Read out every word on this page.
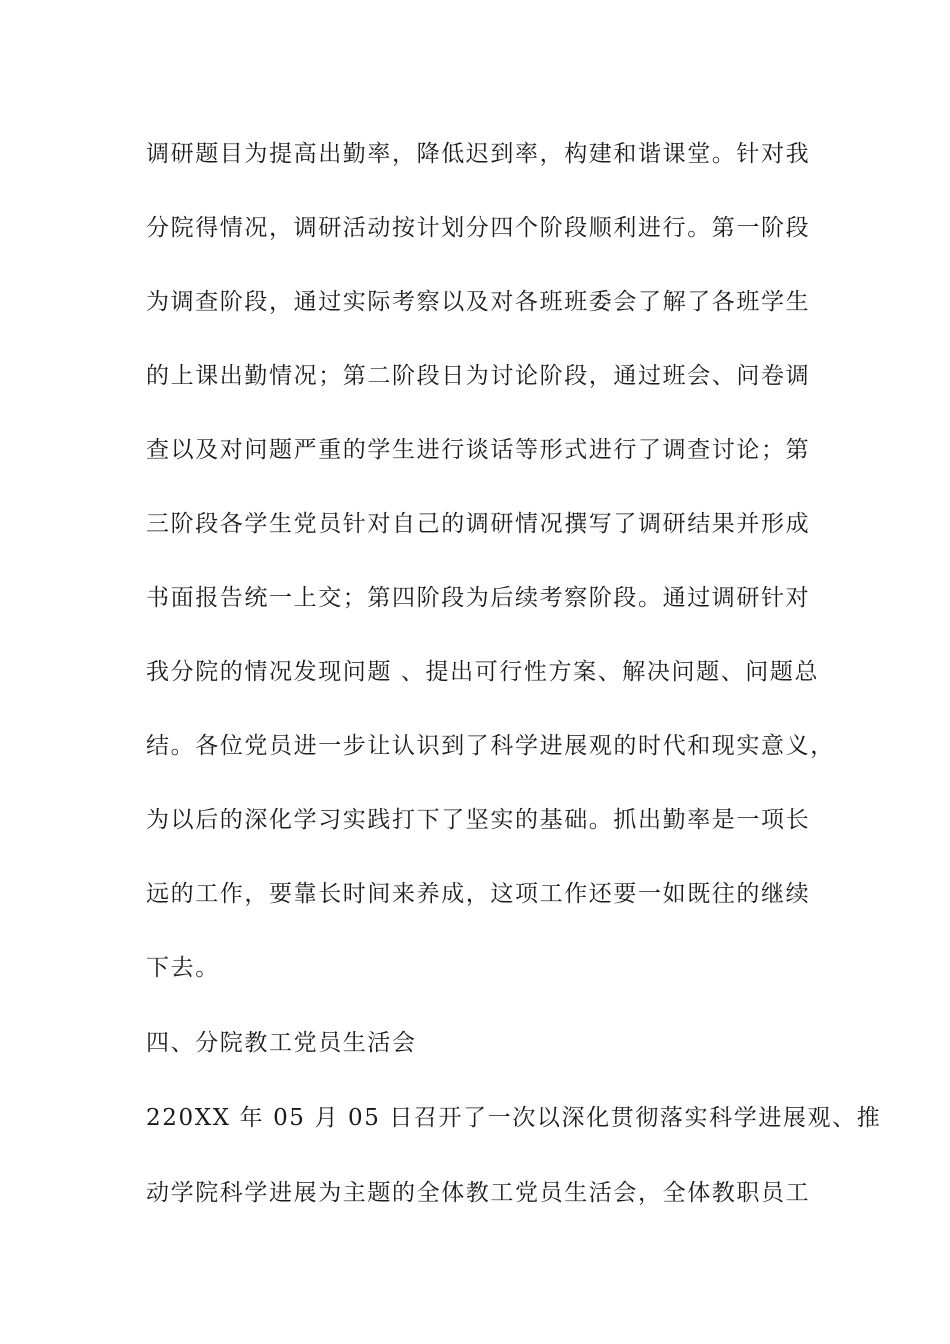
调研题目为提高出勤率，降低迟到率，构建和谐课堂。针对我
分院得情况，调研活动按计划分四个阶段顺利进行。第一阶段
为调查阶段，通过实际考察以及对各班班委会了解了各班学生
的上课出勤情况；第二阶段日为讨论阶段，通过班会、问卷调
查以及对问题严重的学生进行谈话等形式进行了调查讨论；第
三阶段各学生党员针对自己的调研情况撰写了调研结果并形成
书面报告统一上交；第四阶段为后续考察阶段。通过调研针对
我分院的情况发现问题 、提出可行性方案、解决问题、问题总
结。各位党员进一步让认识到了科学进展观的时代和现实意义，
为以后的深化学习实践打下了坚实的基础。抓出勤率是一项长
远的工作，要靠长时间来养成，这项工作还要一如既往的继续
下去。
四、分院教工党员生活会
220XX 年 05 月 05 日召开了一次以深化贯彻落实科学进展观、推
动学院科学进展为主题的全体教工党员生活会，全体教职员工
